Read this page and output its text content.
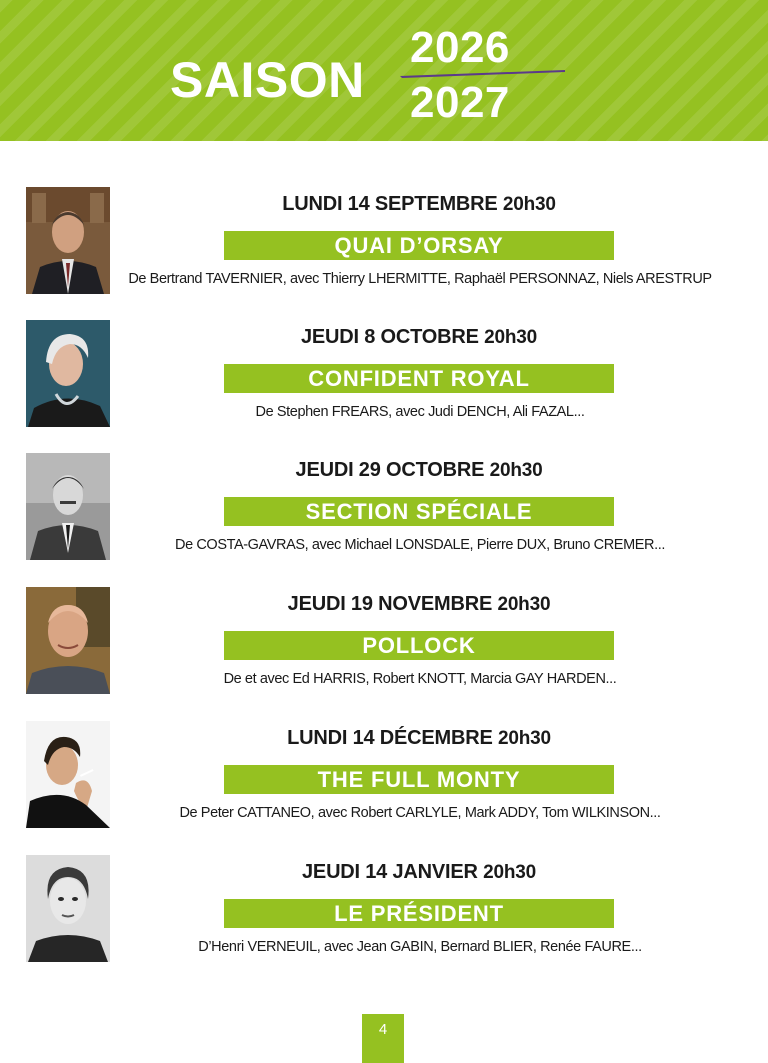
SAISON
2026
2027
LUNDI 14 SEPTEMBRE 20h30
QUAI D’ORSAY
De Bertrand TAVERNIER, avec Thierry LHERMITTE, Raphaël PERSONNAZ, Niels ARESTRUP
JEUDI 8 OCTOBRE 20h30
CONFIDENT ROYAL
De Stephen FREARS, avec Judi DENCH, Ali FAZAL...
JEUDI 29 OCTOBRE 20h30
SECTION SPÉCIALE
De COSTA-GAVRAS, avec Michael LONSDALE, Pierre DUX, Bruno CREMER...
JEUDI 19 NOVEMBRE 20h30
POLLOCK
De et avec Ed HARRIS, Robert KNOTT, Marcia GAY HARDEN...
LUNDI 14 DÉCEMBRE 20h30
THE FULL MONTY
De Peter CATTANEO, avec Robert CARLYLE, Mark ADDY, Tom WILKINSON...
JEUDI 14 JANVIER 20h30
LE PRÉSIDENT
D’Henri VERNEUIL, avec Jean GABIN, Bernard BLIER, Renée FAURE...
4
